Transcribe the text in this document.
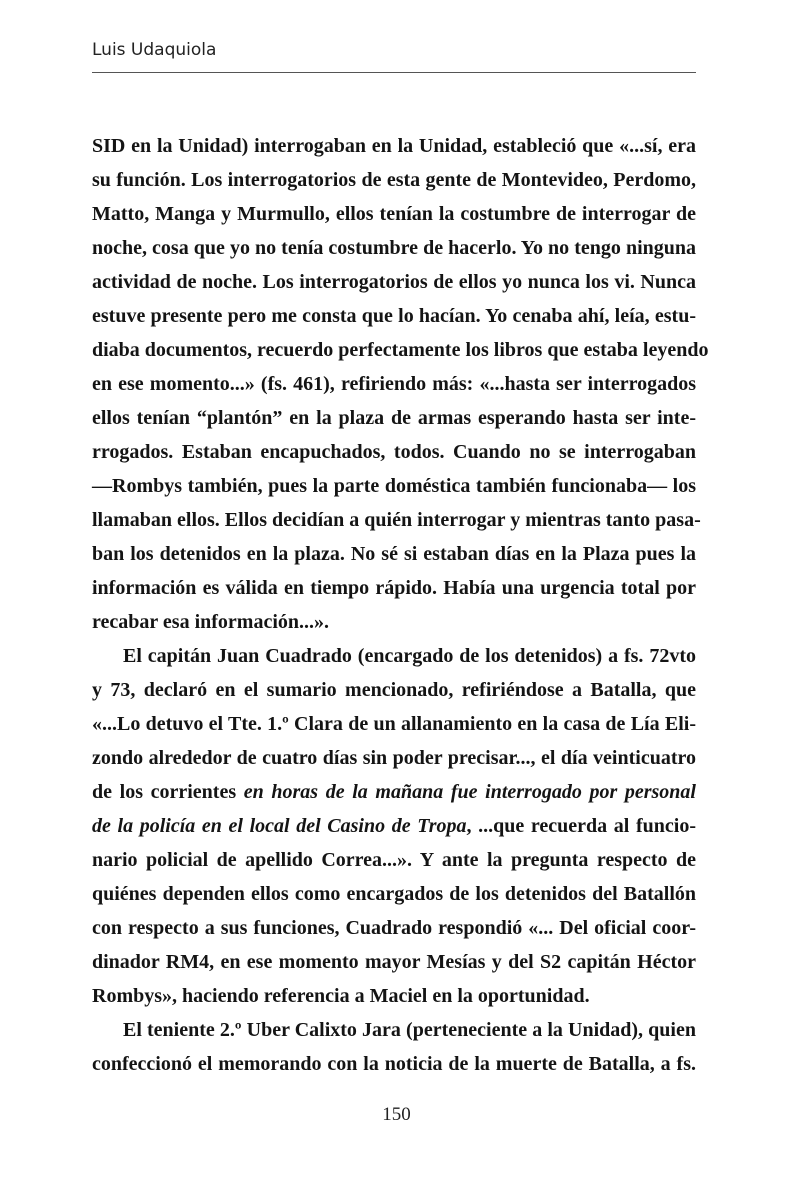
Luis Udaquiola
SID en la Unidad) interrogaban en la Unidad, estableció que «...sí, era
su función. Los interrogatorios de esta gente de Montevideo, Perdomo,
Matto, Manga y Murmullo, ellos tenían la costumbre de interrogar de
noche, cosa que yo no tenía costumbre de hacerlo. Yo no tengo ninguna
actividad de noche. Los interrogatorios de ellos yo nunca los vi. Nunca
estuve presente pero me consta que lo hacían. Yo cenaba ahí, leía, estu-
diaba documentos, recuerdo perfectamente los libros que estaba leyendo
en ese momento...» (fs. 461), refiriendo más: «...hasta ser interrogados
ellos tenían “plantón” en la plaza de armas esperando hasta ser inte-
rrogados. Estaban encapuchados, todos. Cuando no se interrogaban
—Rombys también, pues la parte doméstica también funcionaba— los
llamaban ellos. Ellos decidían a quién interrogar y mientras tanto pasa-
ban los detenidos en la plaza. No sé si estaban días en la Plaza pues la
información es válida en tiempo rápido. Había una urgencia total por
recabar esa información...».
El capitán Juan Cuadrado (encargado de los detenidos) a fs. 72vto
y 73, declaró en el sumario mencionado, refiriéndose a Batalla, que
«...Lo detuvo el Tte. 1.º Clara de un allanamiento en la casa de Lía Eli-
zondo alrededor de cuatro días sin poder precisar..., el día veinticuatro
de los corrientes en horas de la mañana fue interrogado por personal
de la policía en el local del Casino de Tropa, ...que recuerda al funcio-
nario policial de apellido Correa...». Y ante la pregunta respecto de
quiénes dependen ellos como encargados de los detenidos del Batallón
con respecto a sus funciones, Cuadrado respondió «... Del oficial coor-
dinador RM4, en ese momento mayor Mesías y del S2 capitán Héctor
Rombys», haciendo referencia a Maciel en la oportunidad.
El teniente 2.º Uber Calixto Jara (perteneciente a la Unidad), quien
confeccionó el memorando con la noticia de la muerte de Batalla, a fs.
150
